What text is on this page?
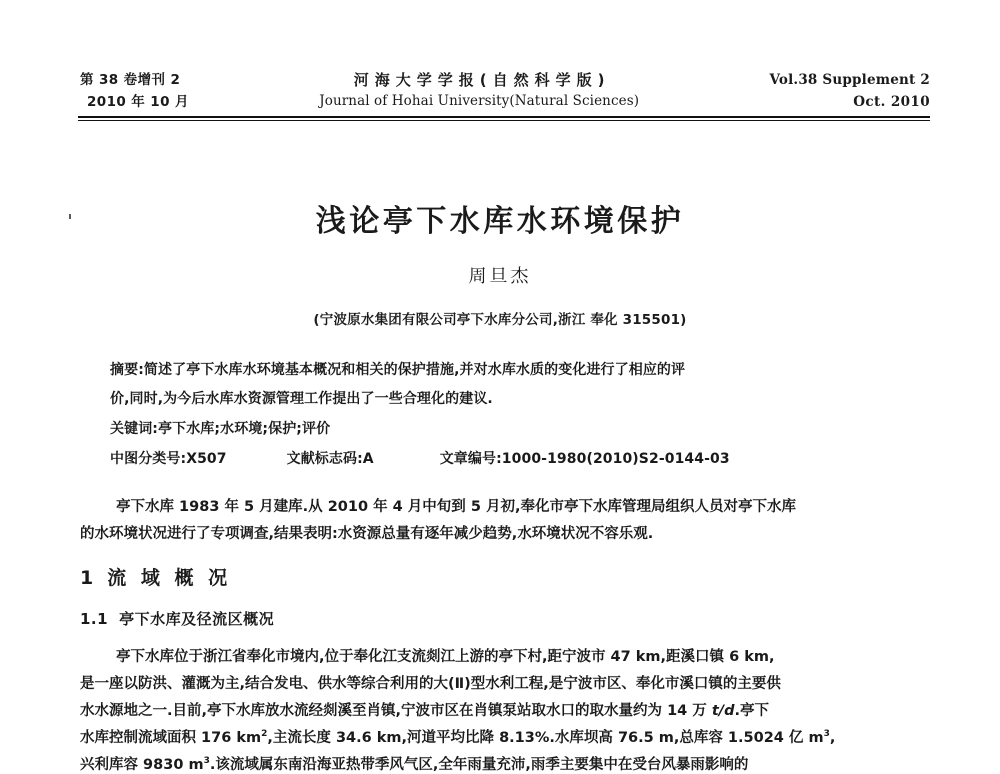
第 38 卷增刊 2
2010 年 10 月
河海大学学报(自然科学版)
Journal of Hohai University(Natural Sciences)
Vol.38 Supplement 2
Oct. 2010
浅论亭下水库水环境保护
周旦杰
(宁波原水集团有限公司亭下水库分公司,浙江 奉化 315501)
摘要:简述了亭下水库水环境基本概况和相关的保护措施,并对水库水质的变化进行了相应的评
价,同时,为今后水库水资源管理工作提出了一些合理化的建议.
关键词:亭下水库;水环境;保护;评价
中图分类号:X507	文献标志码:A	文章编号:1000-1980(2010)S2-0144-03
亭下水库 1983 年 5 月建库.从 2010 年 4 月中旬到 5 月初,奉化市亭下水库管理局组织人员对亭下水库
的水环境状况进行了专项调查,结果表明:水资源总量有逐年减少趋势,水环境状况不容乐观.
1 流 域 概 况
1.1 亭下水库及径流区概况
亭下水库位于浙江省奉化市境内,位于奉化江支流剡江上游的亭下村,距宁波市 47 km,距溪口镇 6 km,
是一座以防洪、灌溉为主,结合发电、供水等综合利用的大(Ⅱ)型水利工程,是宁波市区、奉化市溪口镇的主要供
水水源地之一.目前,亭下水库放水流经剡溪至肖镇,宁波市区在肖镇泵站取水口的取水量约为 14 万 t/d.亭下
水库控制流域面积 176 $km^2$,主流长度 34.6 km,河道平均比降 8.13%.水库坝高 76.5 m,总库容 1.5024 亿 $m^3$,
兴利库容 9830 $m^3$.该流域属东南沿海亚热带季风气区,全年雨量充沛,雨季主要集中在受台风暴雨影响的
